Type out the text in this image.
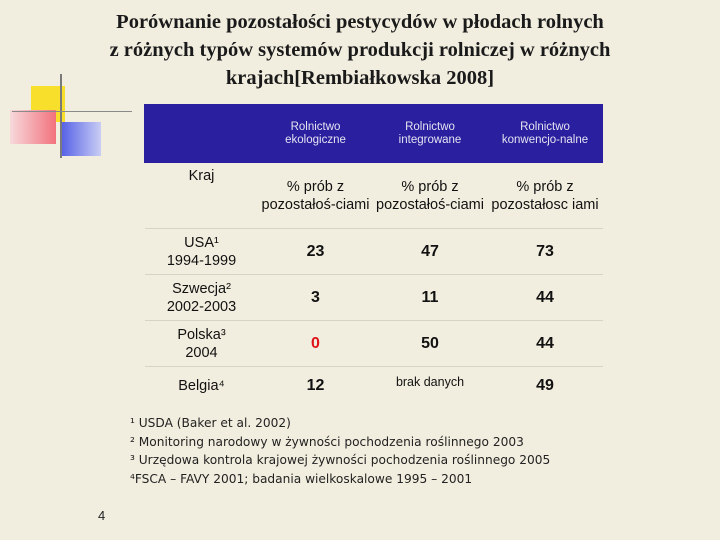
Porównanie pozostałości pestycydów w płodach rolnych
z różnych typów systemów produkcji rolniczej w różnych
krajach[Rembiałkowska 2008]
	Rolnictwo ekologiczne	Rolnictwo integrowane	Rolnictwo konwencjo-nalne
Kraj	% prób z pozostałoś-ciami	% prób z pozostałoś-ciami	% prób z pozostałosc iami
USA¹
1994-1999	23	47	73
Szwecja²
2002-2003	3	11	44
Polska³
2004	0	50	44
Belgia⁴	12	brak danych	49
¹ USDA (Baker et al. 2002)
² Monitoring narodowy w żywności pochodzenia roślinnego 2003
³ Urzędowa kontrola krajowej żywności pochodzenia roślinnego 2005
⁴FSCA – FAVY 2001; badania wielkoskalowe 1995 – 2001
4
